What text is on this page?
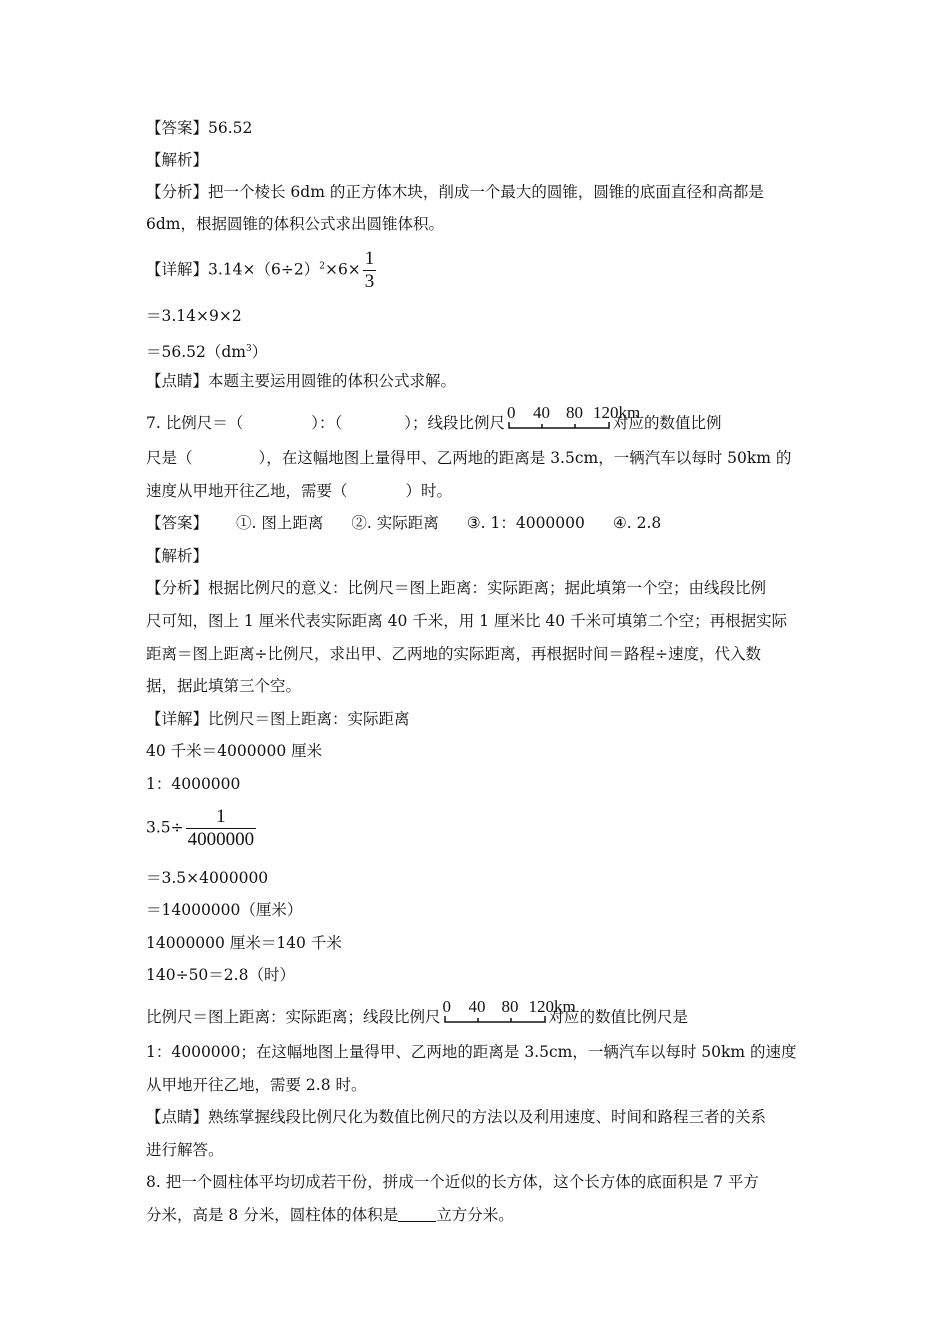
【答案】56.52
【解析】
【分析】把一个棱长 6dm 的正方体木块，削成一个最大的圆锥，圆锥的底面直径和高都是
6dm，根据圆锥的体积公式求出圆锥体积。
【详解】$3.14\times(6\div 2)^2\times 6\times \frac{1}{3}$
＝3.14×9×2
$=56.52(dm^3)$
【点睛】本题主要运用圆锥的体积公式求解。
7. 比例尺＝（	）：（	）；线段比例尺
0 40 80 120km
对应的数值比例
尺是（	），在这幅地图上量得甲、乙两地的距离是 3.5cm，一辆汽车以每时 50km 的
速度从甲地开往乙地，需要（	）时。
【答案】 ①. 图上距离 ②. 实际距离 ③. 1：4000000 ④. 2.8
【解析】
【分析】根据比例尺的意义：比例尺＝图上距离：实际距离；据此填第一个空；由线段比例
尺可知，图上 1 厘米代表实际距离 40 千米，用 1 厘米比 40 千米可填第二个空；再根据实际
距离＝图上距离÷比例尺，求出甲、乙两地的实际距离，再根据时间＝路程÷速度，代入数
据，据此填第三个空。
【详解】比例尺＝图上距离：实际距离
40 千米＝4000000 厘米
1：4000000
$3.5\div \frac{1}{4000000}$
＝3.5×4000000
＝14000000（厘米）
14000000 厘米＝140 千米
140÷50＝2.8（时）
比例尺＝图上距离：实际距离；线段比例尺
0 40 80 120km
对应的数值比例尺是
1：4000000；在这幅地图上量得甲、乙两地的距离是 3.5cm，一辆汽车以每时 50km 的速度
从甲地开往乙地，需要 2.8 时。
【点睛】熟练掌握线段比例尺化为数值比例尺的方法以及利用速度、时间和路程三者的关系
进行解答。
8. 把一个圆柱体平均切成若干份，拼成一个近似的长方体，这个长方体的底面积是 7 平方
分米，高是 8 分米，圆柱体的体积是 立方分米。
